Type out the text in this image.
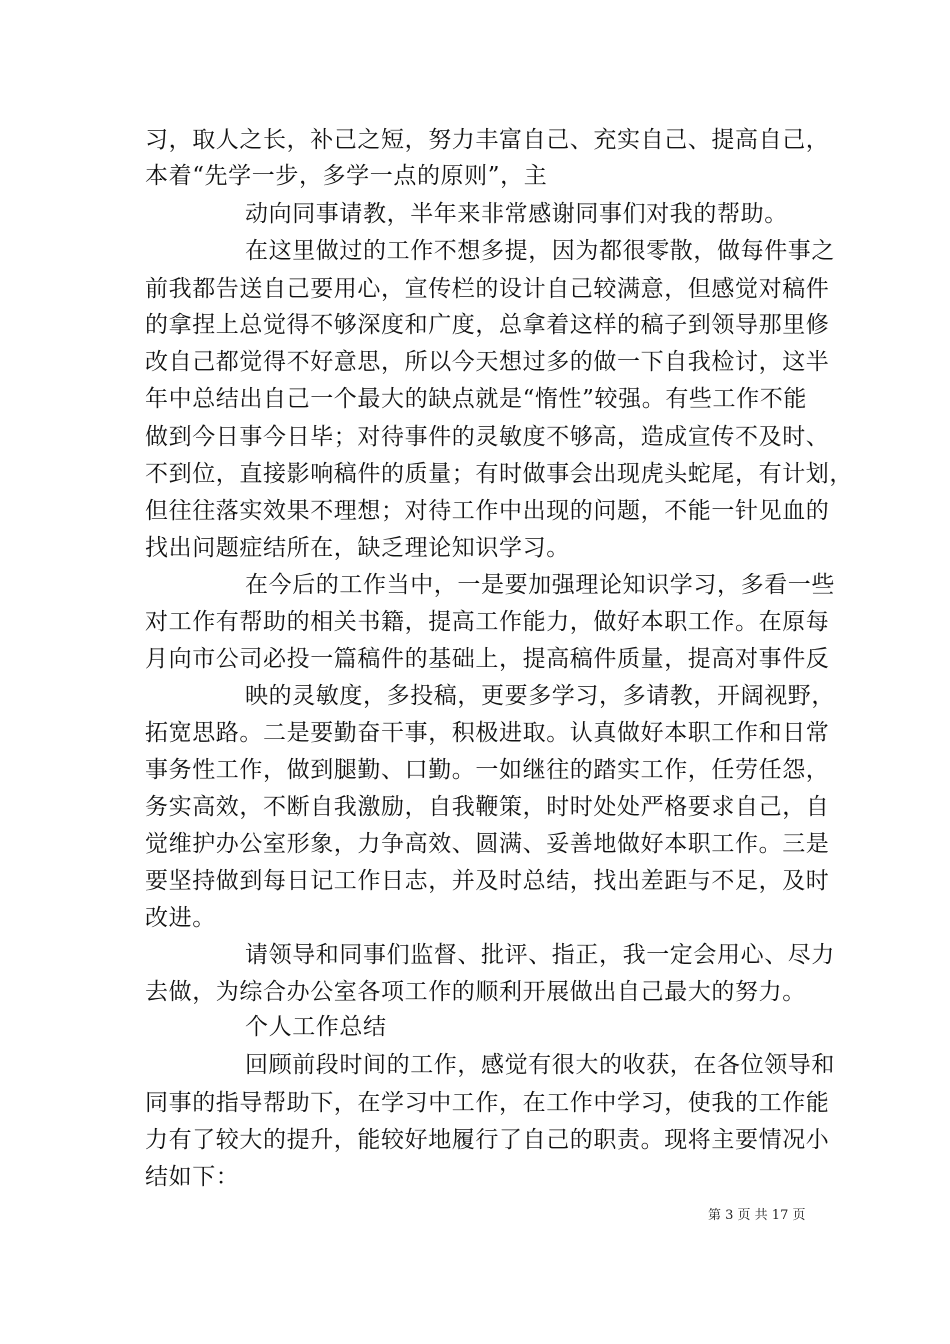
习，取人之长，补己之短，努力丰富自己、充实自己、提高自己，
本着“先学一步，多学一点的原则”，主
动向同事请教，半年来非常感谢同事们对我的帮助。
在这里做过的工作不想多提，因为都很零散，做每件事之
前我都告送自己要用心，宣传栏的设计自己较满意，但感觉对稿件
的拿捏上总觉得不够深度和广度，总拿着这样的稿子到领导那里修
改自己都觉得不好意思，所以今天想过多的做一下自我检讨，这半
年中总结出自己一个最大的缺点就是“惰性”较强。有些工作不能
做到今日事今日毕；对待事件的灵敏度不够高，造成宣传不及时、
不到位，直接影响稿件的质量；有时做事会出现虎头蛇尾，有计划，
但往往落实效果不理想；对待工作中出现的问题，不能一针见血的
找出问题症结所在，缺乏理论知识学习。
在今后的工作当中，一是要加强理论知识学习，多看一些
对工作有帮助的相关书籍，提高工作能力，做好本职工作。在原每
月向市公司必投一篇稿件的基础上，提高稿件质量，提高对事件反
映的灵敏度，多投稿，更要多学习，多请教，开阔视野，
拓宽思路。二是要勤奋干事，积极进取。认真做好本职工作和日常
事务性工作，做到腿勤、口勤。一如继往的踏实工作，任劳任怨，
务实高效，不断自我激励，自我鞭策，时时处处严格要求自己，自
觉维护办公室形象，力争高效、圆满、妥善地做好本职工作。三是
要坚持做到每日记工作日志，并及时总结，找出差距与不足，及时
改进。
请领导和同事们监督、批评、指正，我一定会用心、尽力
去做，为综合办公室各项工作的顺利开展做出自己最大的努力。
个人工作总结
回顾前段时间的工作，感觉有很大的收获，在各位领导和
同事的指导帮助下，在学习中工作，在工作中学习，使我的工作能
力有了较大的提升，能较好地履行了自己的职责。现将主要情况小
结如下：
第 3 页 共 17 页
